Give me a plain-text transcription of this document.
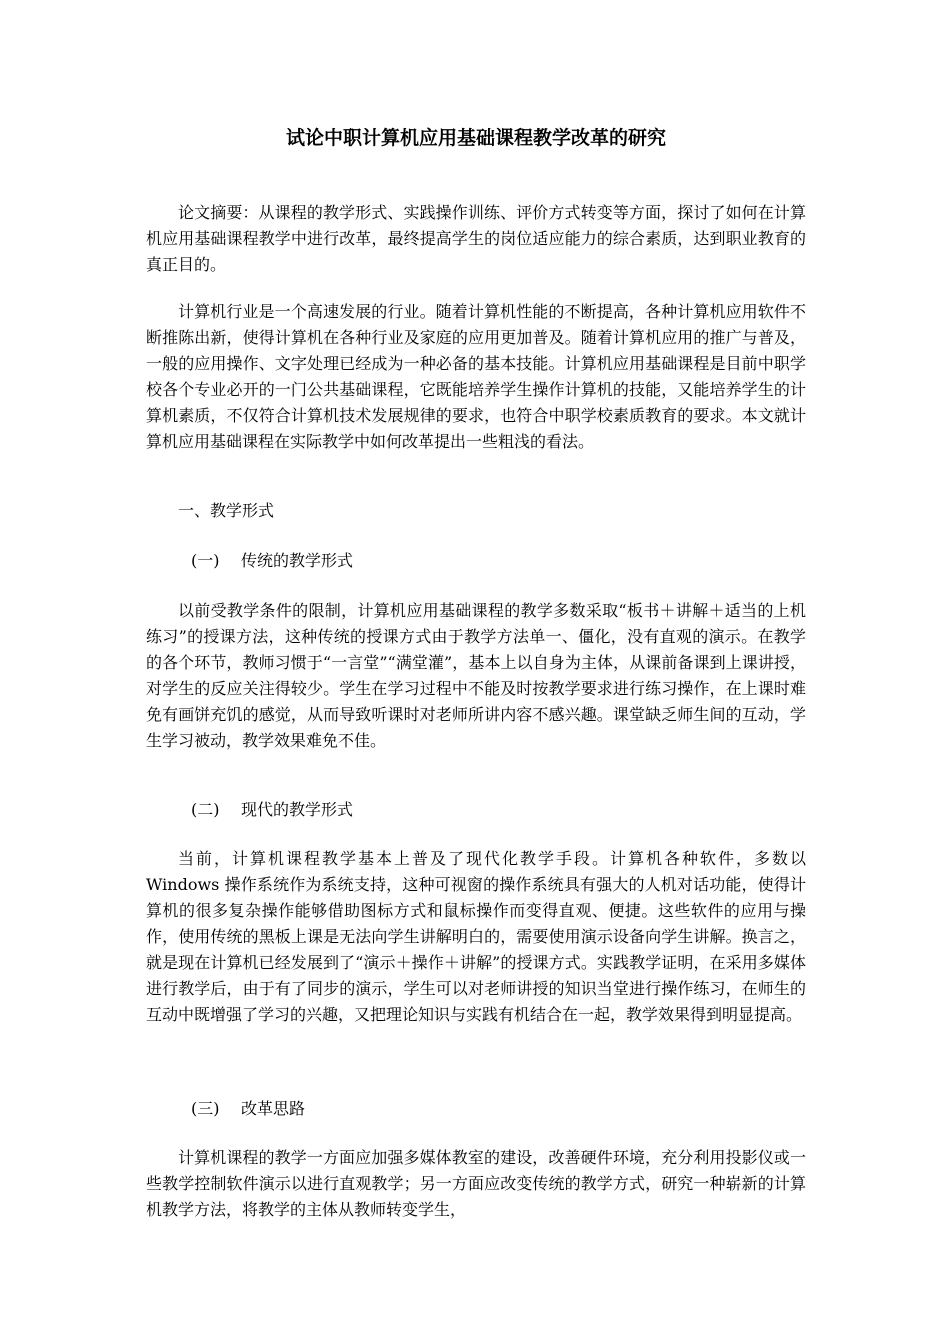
试论中职计算机应用基础课程教学改革的研究

论文摘要：从课程的教学形式、实践操作训练、评价方式转变等方面，探讨了如何在计算机应用基础课程教学中进行改革，最终提高学生的岗位适应能力的综合素质，达到职业教育的真正目的。

计算机行业是一个高速发展的行业。随着计算机性能的不断提高，各种计算机应用软件不断推陈出新，使得计算机在各种行业及家庭的应用更加普及。随着计算机应用的推广与普及，一般的应用操作、文字处理已经成为一种必备的基本技能。计算机应用基础课程是目前中职学校各个专业必开的一门公共基础课程，它既能培养学生操作计算机的技能，又能培养学生的计算机素质，不仅符合计算机技术发展规律的要求，也符合中职学校素质教育的要求。本文就计算机应用基础课程在实际教学中如何改革提出一些粗浅的看法。

一、教学形式

(一) 传统的教学形式

以前受教学条件的限制，计算机应用基础课程的教学多数采取“板书＋讲解＋适当的上机练习”的授课方法，这种传统的授课方式由于教学方法单一、僵化，没有直观的演示。在教学的各个环节，教师习惯于“一言堂”“满堂灌”，基本上以自身为主体，从课前备课到上课讲授，对学生的反应关注得较少。学生在学习过程中不能及时按教学要求进行练习操作，在上课时难免有画饼充饥的感觉，从而导致听课时对老师所讲内容不感兴趣。课堂缺乏师生间的互动，学生学习被动，教学效果难免不佳。

(二) 现代的教学形式

当前，计算机课程教学基本上普及了现代化教学手段。计算机各种软件，多数以 Windows 操作系统作为系统支持，这种可视窗的操作系统具有强大的人机对话功能，使得计算机的很多复杂操作能够借助图标方式和鼠标操作而变得直观、便捷。这些软件的应用与操作，使用传统的黑板上课是无法向学生讲解明白的，需要使用演示设备向学生讲解。换言之，就是现在计算机已经发展到了“演示＋操作＋讲解”的授课方式。实践教学证明，在采用多媒体进行教学后，由于有了同步的演示，学生可以对老师讲授的知识当堂进行操作练习，在师生的互动中既增强了学习的兴趣，又把理论知识与实践有机结合在一起，教学效果得到明显提高。

(三) 改革思路

计算机课程的教学一方面应加强多媒体教室的建设，改善硬件环境，充分利用投影仪或一些教学控制软件演示以进行直观教学；另一方面应改变传统的教学方式，研究一种崭新的计算机教学方法，将教学的主体从教师转变学生，
